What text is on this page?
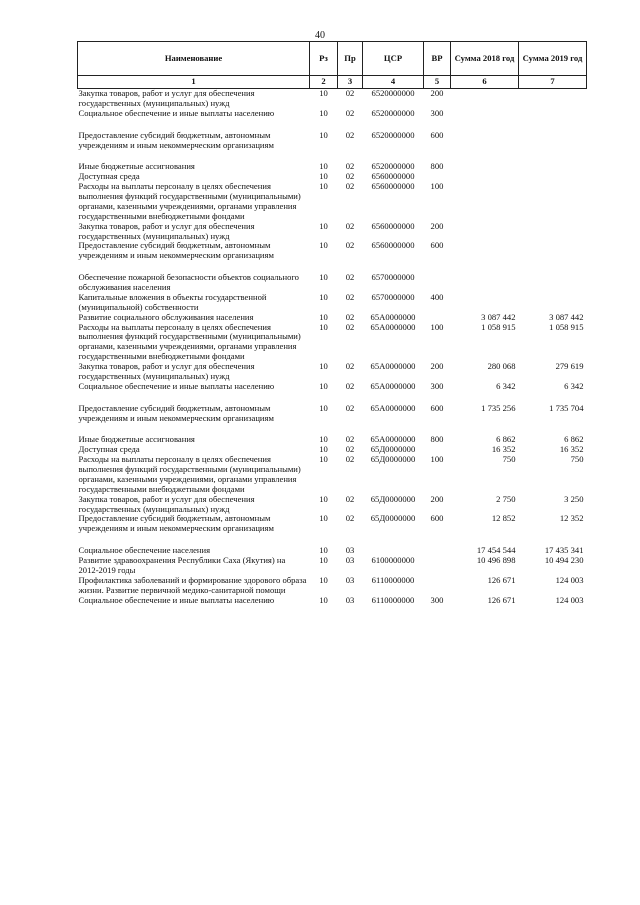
40
Наименование	Рз	Пр	ЦСР	ВР	Сумма 2018 год	Сумма 2019 год
1	2	3	4	5	6	7
Закупка товаров, работ и услуг для обеспечения государственных (муниципальных) нужд	10	02	6520000000	200		
Социальное обеспечение и иные выплаты населению	10	02	6520000000	300		

Предоставление субсидий бюджетным, автономным учреждениям и иным некоммерческим организациям	10	02	6520000000	600		

Иные бюджетные ассигнования	10	02	6520000000	800		
Доступная среда	10	02	6560000000			
Расходы на выплаты персоналу в целях обеспечения выполнения функций государственными (муниципальными) органами, казенными учреждениями, органами управления государственными внебюджетными фондами	10	02	6560000000	100		
Закупка товаров, работ и услуг для обеспечения государственных (муниципальных) нужд	10	02	6560000000	200		
Предоставление субсидий бюджетным, автономным учреждениям и иным некоммерческим организациям	10	02	6560000000	600		

Обеспечение пожарной безопасности объектов социального обслуживания населения	10	02	6570000000			
Капитальные вложения в объекты государственной (муниципальной) собственности	10	02	6570000000	400		
Развитие социального обслуживания населения	10	02	65А0000000		3 087 442	3 087 442
Расходы на выплаты персоналу в целях обеспечения выполнения функций государственными (муниципальными) органами, казенными учреждениями, органами управления государственными внебюджетными фондами	10	02	65А0000000	100	1 058 915	1 058 915
Закупка товаров, работ и услуг для обеспечения государственных (муниципальных) нужд	10	02	65А0000000	200	280 068	279 619
Социальное обеспечение и иные выплаты населению	10	02	65А0000000	300	6 342	6 342

Предоставление субсидий бюджетным, автономным учреждениям и иным некоммерческим организациям	10	02	65А0000000	600	1 735 256	1 735 704

Иные бюджетные ассигнования	10	02	65А0000000	800	6 862	6 862
Доступная среда	10	02	65Д0000000		16 352	16 352
Расходы на выплаты персоналу в целях обеспечения выполнения функций государственными (муниципальными) органами, казенными учреждениями, органами управления государственными внебюджетными фондами	10	02	65Д0000000	100	750	750
Закупка товаров, работ и услуг для обеспечения государственных (муниципальных) нужд	10	02	65Д0000000	200	2 750	3 250
Предоставление субсидий бюджетным, автономным учреждениям и иным некоммерческим организациям	10	02	65Д0000000	600	12 852	12 352

Социальное обеспечение населения	10	03			17 454 544	17 435 341
Развитие здравоохранения Республики Саха (Якутия) на 2012-2019 годы	10	03	6100000000		10 496 898	10 494 230
Профилактика заболеваний и формирование здорового образа жизни. Развитие первичной медико-санитарной помощи	10	03	6110000000		126 671	124 003
Социальное обеспечение и иные выплаты населению	10	03	6110000000	300	126 671	124 003
